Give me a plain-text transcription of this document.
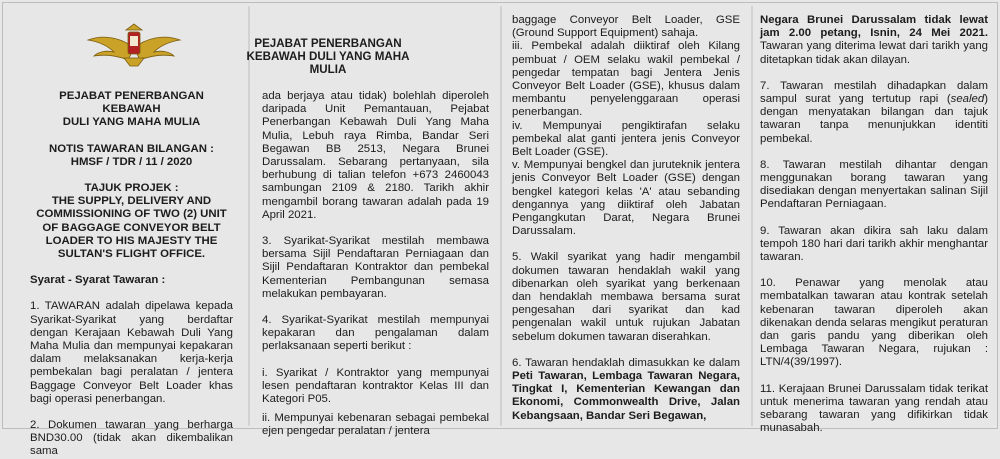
PEJABAT PENERBANGAN
KEBAWAH DULI YANG MAHA MULIA

PEJABAT PENERBANGAN KEBAWAH
DULI YANG MAHA MULIA

NOTIS TAWARAN BILANGAN :
HMSF / TDR / 11 / 2020

TAJUK PROJEK :
THE SUPPLY, DELIVERY AND COMMISSIONING OF TWO (2) UNIT OF BAGGAGE CONVEYOR BELT LOADER TO HIS MAJESTY THE SULTAN'S FLIGHT OFFICE.

Syarat - Syarat Tawaran :

1. TAWARAN adalah dipelawa kepada Syarikat-Syarikat yang berdaftar dengan Kerajaan Kebawah Duli Yang Maha Mulia dan mempunyai kepakaran dalam melaksanakan kerja-kerja pembekalan bagi peralatan / jentera Baggage Conveyor Belt Loader khas bagi operasi penerbangan.

2. Dokumen tawaran yang berharga BND30.00 (tidak akan dikembalikan sama

ada berjaya atau tidak) bolehlah diperoleh daripada Unit Pemantauan, Pejabat Penerbangan Kebawah Duli Yang Maha Mulia, Lebuh raya Rimba, Bandar Seri Begawan BB 2513, Negara Brunei Darussalam. Sebarang pertanyaan, sila berhubung di talian telefon +673 2460043 sambungan 2109 & 2180. Tarikh akhir mengambil borang tawaran adalah pada 19 April 2021.

3. Syarikat-Syarikat mestilah membawa bersama Sijil Pendaftaran Perniagaan dan Sijil Pendaftaran Kontraktor dan pembekal Kementerian Pembangunan semasa melakukan pembayaran.

4. Syarikat-Syarikat mestilah mempunyai kepakaran dan pengalaman dalam perlaksanaan seperti berikut :

i. Syarikat / Kontraktor yang mempunyai lesen pendaftaran kontraktor Kelas III dan Kategori P05.

ii. Mempunyai kebenaran sebagai pembekal ejen pengedar peralatan / jentera

baggage Conveyor Belt Loader, GSE (Ground Support Equipment) sahaja.

iii. Pembekal adalah diiktiraf oleh Kilang pembuat / OEM selaku wakil pembekal / pengedar tempatan bagi Jentera Jenis Conveyor Belt Loader (GSE), khusus dalam membantu penyelenggaraan operasi penerbangan.

iv. Mempunyai pengiktirafan selaku pembekal alat ganti jentera jenis Conveyor Belt Loader (GSE).

v. Mempunyai bengkel dan juruteknik jentera jenis Conveyor Belt Loader (GSE) dengan bengkel kategori kelas 'A' atau sebanding dengannya yang diiktiraf oleh Jabatan Pengangkutan Darat, Negara Brunei Darussalam.

5. Wakil syarikat yang hadir mengambil dokumen tawaran hendaklah wakil yang dibenarkan oleh syarikat yang berkenaan dan hendaklah membawa bersama surat pengesahan dari syarikat dan kad pengenalan wakil untuk rujukan Jabatan sebelum dokumen tawaran diserahkan.

6. Tawaran hendaklah dimasukkan ke dalam Peti Tawaran, Lembaga Tawaran Negara, Tingkat I, Kementerian Kewangan dan Ekonomi, Commonwealth Drive, Jalan Kebangsaan, Bandar Seri Begawan,

Negara Brunei Darussalam tidak lewat jam 2.00 petang, Isnin, 24 Mei 2021. Tawaran yang diterima lewat dari tarikh yang ditetapkan tidak akan dilayan.

7. Tawaran mestilah dihadapkan dalam sampul surat yang tertutup rapi (sealed) dengan menyatakan bilangan dan tajuk tawaran tanpa menunjukkan identiti pembekal.

8. Tawaran mestilah dihantar dengan menggunakan borang tawaran yang disediakan dengan menyertakan salinan Sijil Pendaftaran Perniagaan.

9. Tawaran akan dikira sah laku dalam tempoh 180 hari dari tarikh akhir menghantar tawaran.

10. Penawar yang menolak atau membatalkan tawaran atau kontrak setelah kebenaran tawaran diperoleh akan dikenakan denda selaras mengikut peraturan dan garis pandu yang diberikan oleh Lembaga Tawaran Negara, rujukan : LTN/4(39/1997).

11. Kerajaan Brunei Darussalam tidak terikat untuk menerima tawaran yang rendah atau sebarang tawaran yang difikirkan tidak munasabah.
